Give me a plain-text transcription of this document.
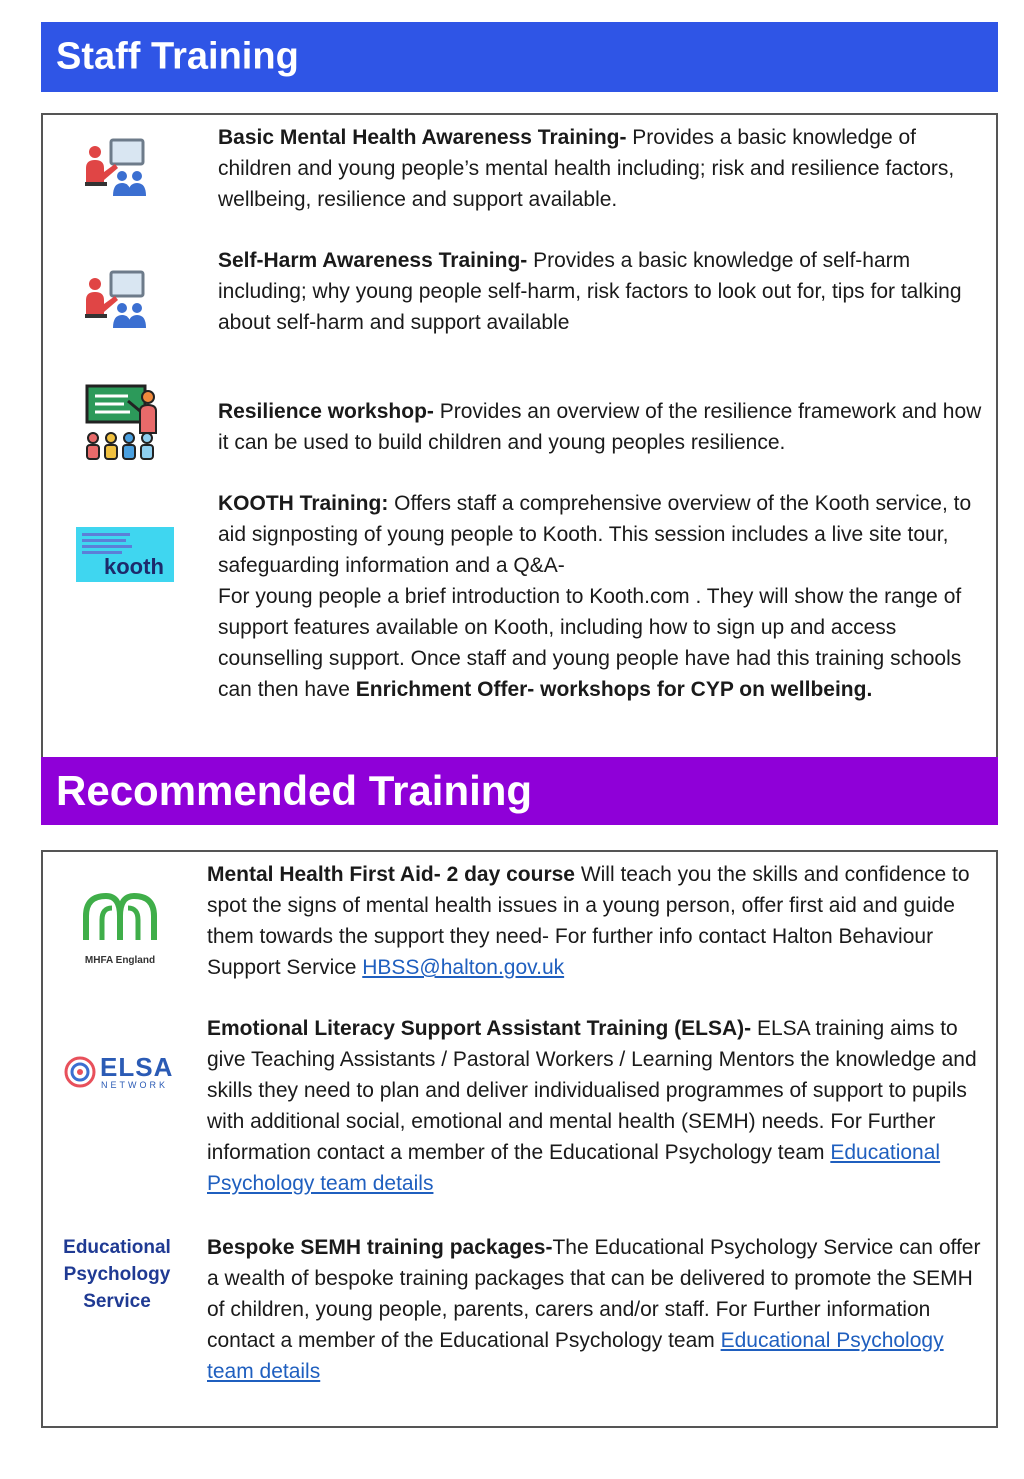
Staff Training
kooth
Basic Mental Health Awareness Training- Provides a basic knowledge of children and young people’s mental health including; risk and resilience factors, wellbeing, resilience and support available.
Self-Harm Awareness Training- Provides a basic knowledge of self-harm including; why young people self-harm, risk factors to look out for, tips for talking about self-harm and support available
Resilience workshop- Provides an overview of the resilience framework and how it can be used to build children and young peoples resilience.
KOOTH Training: Offers staff a comprehensive overview of the Kooth service, to aid signposting of young people to Kooth. This session includes a live site tour, safeguarding information and a Q&A-
For young people a brief introduction to Kooth.com . They will show the range of support features available on Kooth, including how to sign up and access counselling support. Once staff and young people have had this training schools can then have Enrichment Offer- workshops for CYP on wellbeing.
Recommended Training
MHFA England
ELSA
NETWORK
Educational
Psychology
Service
Mental Health First Aid- 2 day course Will teach you the skills and confidence to spot the signs of mental health issues in a young person, offer first aid and guide them towards the support they need- For further info contact Halton Behaviour Support Service HBSS@halton.gov.uk
Emotional Literacy Support Assistant Training (ELSA)- ELSA training aims to give Teaching Assistants / Pastoral Workers / Learning Mentors the knowledge and skills they need to plan and deliver individualised programmes of support to pupils with additional social, emotional and mental health (SEMH) needs. For Further information contact a member of the Educational Psychology team Educational Psychology team details
Bespoke SEMH training packages-The Educational Psychology Service can offer a wealth of bespoke training packages that can be delivered to promote the SEMH of children, young people, parents, carers and/or staff. For Further information contact a member of the Educational Psychology team Educational Psychology team details
